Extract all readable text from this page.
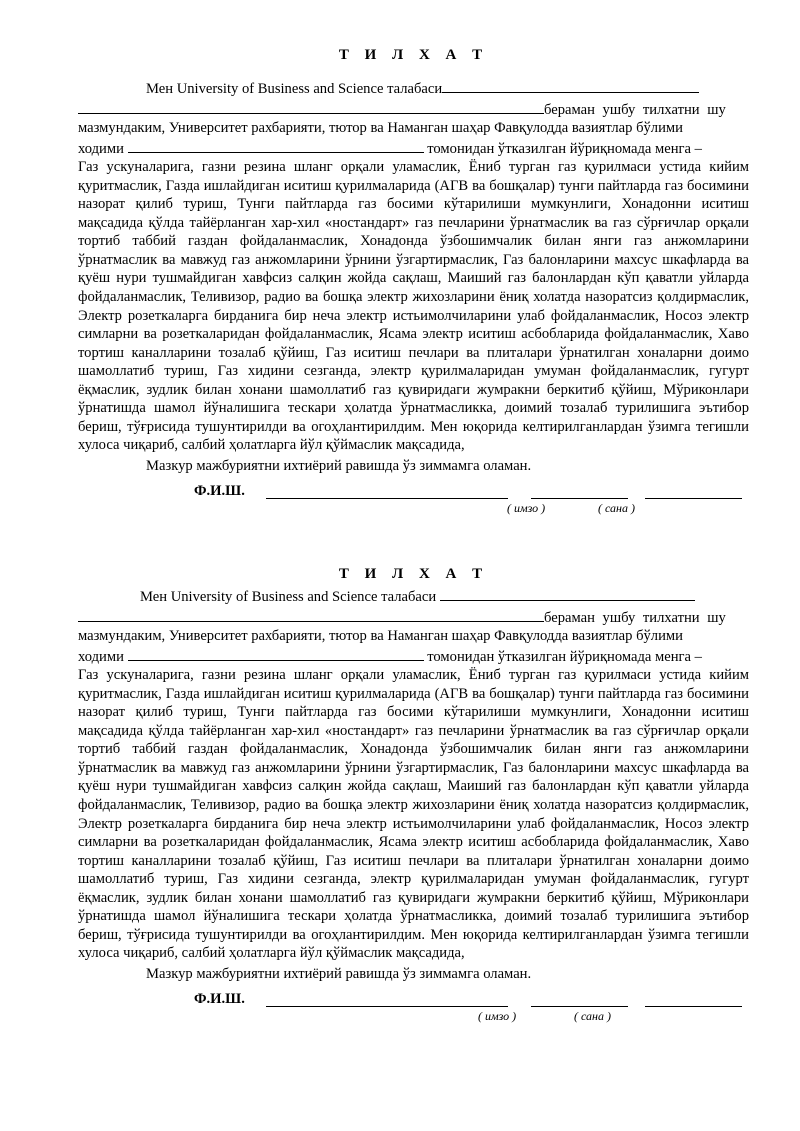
Т И Л Х А Т

Мен University of Business and Science талабаси

бераман ушбу тилхатни шу

мазмундаким, Университет рахбарияти, тютор ва Наманган шаҳар Фавқулодда вазиятлар бўлими

ходими	томонидан ўтказилган йўриқномада менга –

Газ ускуналарига, газни резина шланг орқали уламаслик, Ёниб турган газ қурилмаси устида кийим қуритмаслик, Газда ишлайдиган иситиш қурилмаларида (АГВ ва бошқалар) тунги пайтларда газ босимини назорат қилиб туриш, Тунги пайтларда газ босими кўтарилиши мумкунлиги, Хонадонни иситиш мақсадида қўлда тайёрланган хар-хил «нoстандарт» газ печларини ўрнатмаслик ва газ сўрғичлар орқали тортиб таббий газдан фойдаланмаслик, Хонадонда ўзбошимчалик билан янги газ анжомларини ўрнатмаслик ва мавжуд газ анжомларини ўрнини ўзгартирмаслик, Газ балонларини махсус шкафларда ва қуёш нури тушмайдиган хавфсиз салқин жойда сақлаш, Маиший газ балонлардан кўп қаватли уйларда фойдаланмаслик, Теливизор, радио ва бошқа электр жихозларини ёниқ холатда назоратсиз қолдирмаслик, Электр розеткаларга бирданига бир неча электр истьимолчиларини улаб фойдаланмаслик, Носоз электр симларни ва розеткаларидан фойдаланмаслик, Ясама электр иситиш асбобларида фойдаланмаслик, Хаво тортиш каналларини тозалаб қўйиш, Газ иситиш печлари ва плиталари ўрнатилган хоналарни доимо шамоллатиб туриш, Газ хидини сезганда, электр қурилмаларидан умуман фойдаланмаслик, гугурт ёқмаслик, зудлик билан хонани шамоллатиб газ қувиридаги жумракни беркитиб қўйиш, Мўриконлари ўрнатишда шамол йўналишига тескари ҳолатда ўрнатмасликка, доимий тозалаб турилишига эътибор бериш, тўғрисида тушунтирилди ва огоҳлантирилдим. Мен юқорида келтирилганлардан ўзимга тегишли хулоса чиқариб, салбий ҳолатларга йўл қўймаслик мақсадида,

Мазкур мажбуриятни ихтиёрий равишда ўз зиммамга оламан.

Ф.И.Ш.
( имзо )	( сана )
Т И Л Х А Т

Мен University of Business and Science талабаси

бераман ушбу тилхатни шу

мазмундаким, Университет рахбарияти, тютор ва Наманган шаҳар Фавқулодда вазиятлар бўлими

ходими	томонидан ўтказилган йўриқномада менга –

Газ ускуналарига, газни резина шланг орқали уламаслик, Ёниб турган газ қурилмаси устида кийим қуритмаслик, Газда ишлайдиган иситиш қурилмаларида (АГВ ва бошқалар) тунги пайтларда газ босимини назорат қилиб туриш, Тунги пайтларда газ босими кўтарилиши мумкунлиги, Хонадонни иситиш мақсадида қўлда тайёрланган хар-хил «нoстандарт» газ печларини ўрнатмаслик ва газ сўрғичлар орқали тортиб таббий газдан фойдаланмаслик, Хонадонда ўзбошимчалик билан янги газ анжомларини ўрнатмаслик ва мавжуд газ анжомларини ўрнини ўзгартирмаслик, Газ балонларини махсус шкафларда ва қуёш нури тушмайдиган хавфсиз салқин жойда сақлаш, Маиший газ балонлардан кўп қаватли уйларда фойдаланмаслик, Теливизор, радио ва бошқа электр жихозларини ёниқ холатда назоратсиз қолдирмаслик, Электр розеткаларга бирданига бир неча электр истьимолчиларини улаб фойдаланмаслик, Носоз электр симларни ва розеткаларидан фойдаланмаслик, Ясама электр иситиш асбобларида фойдаланмаслик, Хаво тортиш каналларини тозалаб қўйиш, Газ иситиш печлари ва плиталари ўрнатилган хоналарни доимо шамоллатиб туриш, Газ хидини сезганда, электр қурилмаларидан умуман фойдаланмаслик, гугурт ёқмаслик, зудлик билан хонани шамоллатиб газ қувиридаги жумракни беркитиб қўйиш, Мўриконлари ўрнатишда шамол йўналишига тескари ҳолатда ўрнатмасликка, доимий тозалаб турилишига эътибор бериш, тўғрисида тушунтирилди ва огоҳлантирилдим. Мен юқорида келтирилганлардан ўзимга тегишли хулоса чиқариб, салбий ҳолатларга йўл қўймаслик мақсадида,

Мазкур мажбуриятни ихтиёрий равишда ўз зиммамга оламан.

Ф.И.Ш.
( имзо )	( сана )
